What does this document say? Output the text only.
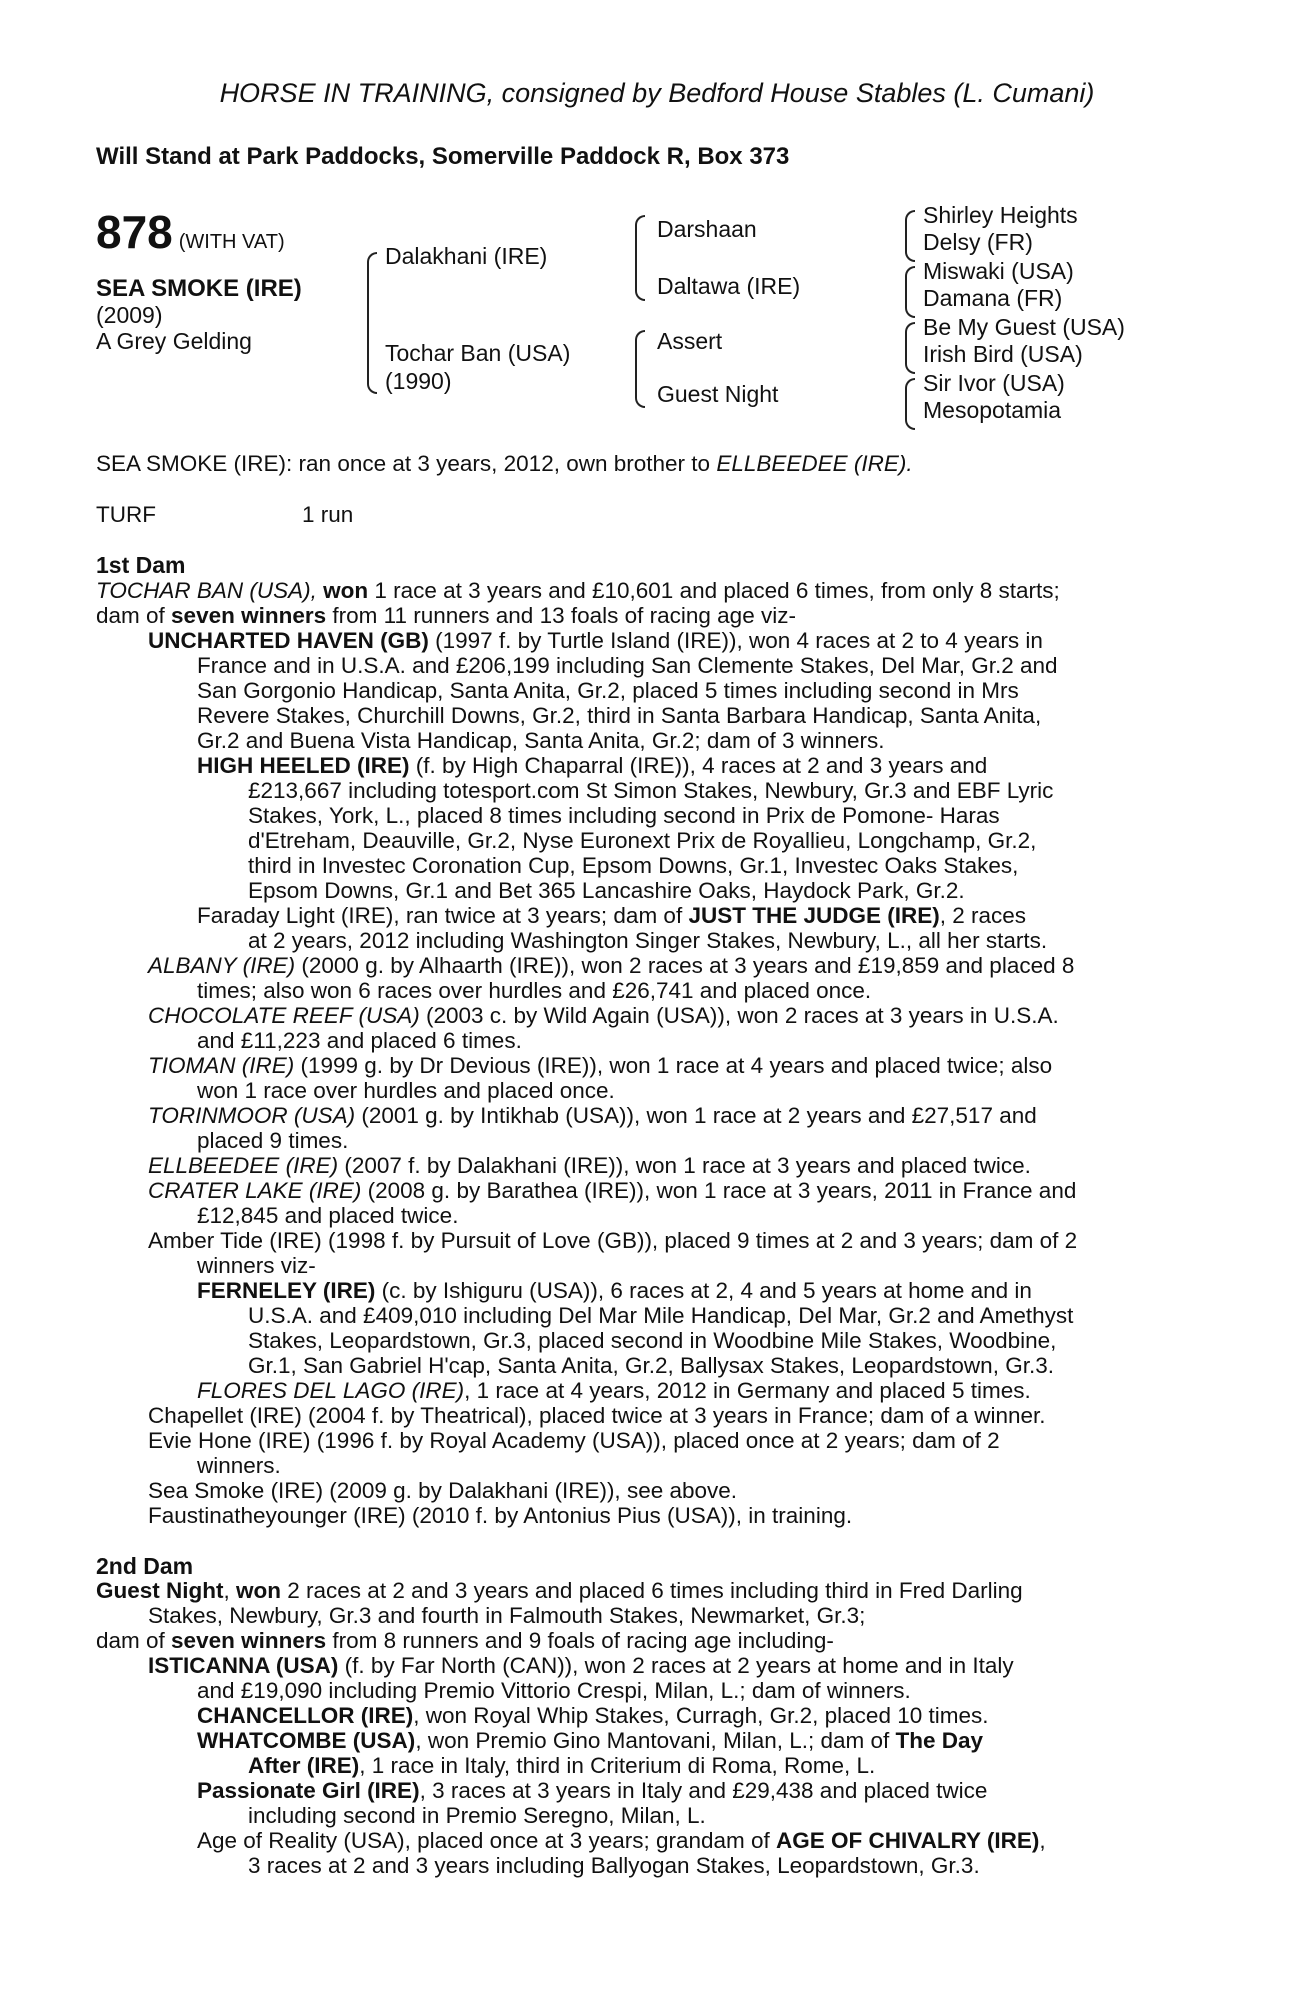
HORSE IN TRAINING, consigned by Bedford House Stables (L. Cumani)
Will Stand at Park Paddocks, Somerville Paddock R, Box 373
878 (WITH VAT)
SEA SMOKE (IRE)
(2009)
A Grey Gelding
Dalakhani (IRE)
Tochar Ban (USA)
(1990)
Darshaan
Daltawa (IRE)
Assert
Guest Night
Shirley Heights
Delsy (FR)
Miswaki (USA)
Damana (FR)
Be My Guest (USA)
Irish Bird (USA)
Sir Ivor (USA)
Mesopotamia
SEA SMOKE (IRE): ran once at 3 years, 2012, own brother to ELLBEEDEE (IRE).
TURF	1 run
1st Dam
TOCHAR BAN (USA), won 1 race at 3 years and £10,601 and placed 6 times, from only 8 starts;
dam of seven winners from 11 runners and 13 foals of racing age viz-
UNCHARTED HAVEN (GB) (1997 f. by Turtle Island (IRE)), won 4 races at 2 to 4 years in
France and in U.S.A. and £206,199 including San Clemente Stakes, Del Mar, Gr.2 and
San Gorgonio Handicap, Santa Anita, Gr.2, placed 5 times including second in Mrs
Revere Stakes, Churchill Downs, Gr.2, third in Santa Barbara Handicap, Santa Anita,
Gr.2 and Buena Vista Handicap, Santa Anita, Gr.2; dam of 3 winners.
HIGH HEELED (IRE) (f. by High Chaparral (IRE)), 4 races at 2 and 3 years and
£213,667 including totesport.com St Simon Stakes, Newbury, Gr.3 and EBF Lyric
Stakes, York, L., placed 8 times including second in Prix de Pomone- Haras
d'Etreham, Deauville, Gr.2, Nyse Euronext Prix de Royallieu, Longchamp, Gr.2,
third in Investec Coronation Cup, Epsom Downs, Gr.1, Investec Oaks Stakes,
Epsom Downs, Gr.1 and Bet 365 Lancashire Oaks, Haydock Park, Gr.2.
Faraday Light (IRE), ran twice at 3 years; dam of JUST THE JUDGE (IRE), 2 races
at 2 years, 2012 including Washington Singer Stakes, Newbury, L., all her starts.
ALBANY (IRE) (2000 g. by Alhaarth (IRE)), won 2 races at 3 years and £19,859 and placed 8
times; also won 6 races over hurdles and £26,741 and placed once.
CHOCOLATE REEF (USA) (2003 c. by Wild Again (USA)), won 2 races at 3 years in U.S.A.
and £11,223 and placed 6 times.
TIOMAN (IRE) (1999 g. by Dr Devious (IRE)), won 1 race at 4 years and placed twice; also
won 1 race over hurdles and placed once.
TORINMOOR (USA) (2001 g. by Intikhab (USA)), won 1 race at 2 years and £27,517 and
placed 9 times.
ELLBEEDEE (IRE) (2007 f. by Dalakhani (IRE)), won 1 race at 3 years and placed twice.
CRATER LAKE (IRE) (2008 g. by Barathea (IRE)), won 1 race at 3 years, 2011 in France and
£12,845 and placed twice.
Amber Tide (IRE) (1998 f. by Pursuit of Love (GB)), placed 9 times at 2 and 3 years; dam of 2
winners viz-
FERNELEY (IRE) (c. by Ishiguru (USA)), 6 races at 2, 4 and 5 years at home and in
U.S.A. and £409,010 including Del Mar Mile Handicap, Del Mar, Gr.2 and Amethyst
Stakes, Leopardstown, Gr.3, placed second in Woodbine Mile Stakes, Woodbine,
Gr.1, San Gabriel H'cap, Santa Anita, Gr.2, Ballysax Stakes, Leopardstown, Gr.3.
FLORES DEL LAGO (IRE), 1 race at 4 years, 2012 in Germany and placed 5 times.
Chapellet (IRE) (2004 f. by Theatrical), placed twice at 3 years in France; dam of a winner.
Evie Hone (IRE) (1996 f. by Royal Academy (USA)), placed once at 2 years; dam of 2
winners.
Sea Smoke (IRE) (2009 g. by Dalakhani (IRE)), see above.
Faustinatheyounger (IRE) (2010 f. by Antonius Pius (USA)), in training.
2nd Dam
Guest Night, won 2 races at 2 and 3 years and placed 6 times including third in Fred Darling
Stakes, Newbury, Gr.3 and fourth in Falmouth Stakes, Newmarket, Gr.3;
dam of seven winners from 8 runners and 9 foals of racing age including-
ISTICANNA (USA) (f. by Far North (CAN)), won 2 races at 2 years at home and in Italy
and £19,090 including Premio Vittorio Crespi, Milan, L.; dam of winners.
CHANCELLOR (IRE), won Royal Whip Stakes, Curragh, Gr.2, placed 10 times.
WHATCOMBE (USA), won Premio Gino Mantovani, Milan, L.; dam of The Day
After (IRE), 1 race in Italy, third in Criterium di Roma, Rome, L.
Passionate Girl (IRE), 3 races at 3 years in Italy and £29,438 and placed twice
including second in Premio Seregno, Milan, L.
Age of Reality (USA), placed once at 3 years; grandam of AGE OF CHIVALRY (IRE),
3 races at 2 and 3 years including Ballyogan Stakes, Leopardstown, Gr.3.
